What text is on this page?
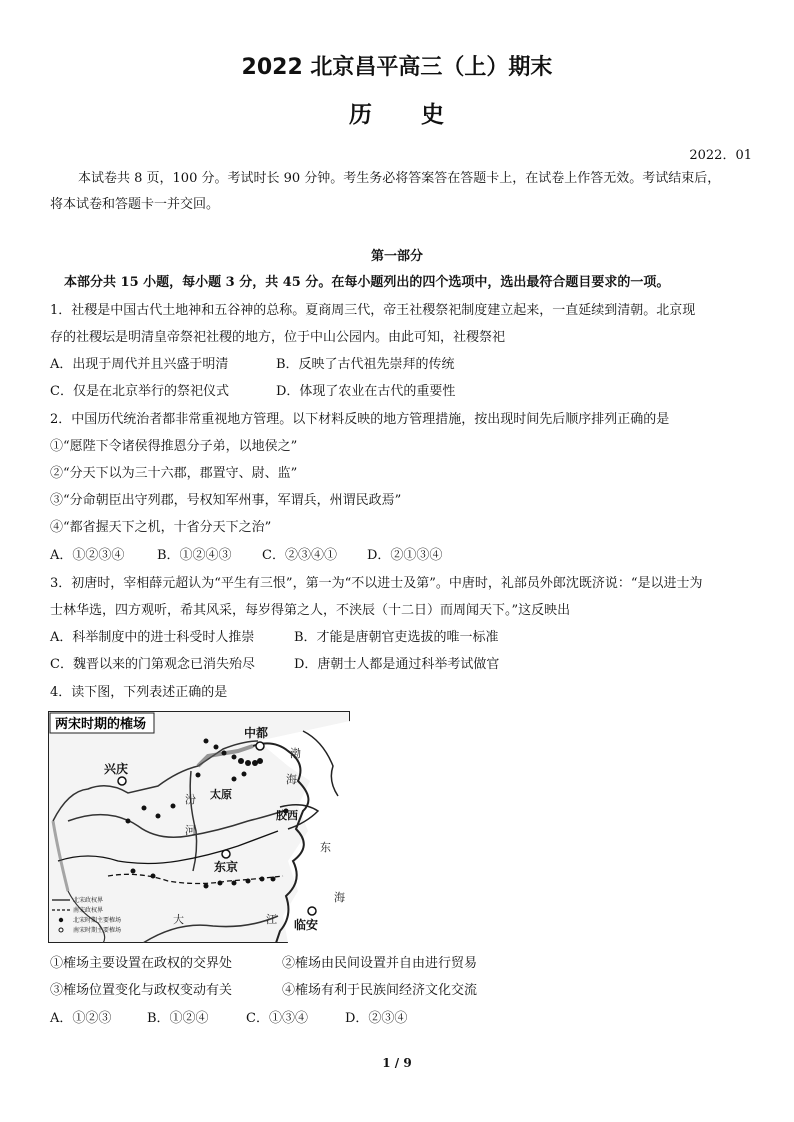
2022 北京昌平高三（上）期末
历　　史
2022．01
本试卷共 8 页，100 分。考试时长 90 分钟。考生务必将答案答在答题卡上，在试卷上作答无效。考试结束后，
将本试卷和答题卡一并交回。
第一部分
本部分共 15 小题，每小题 3 分，共 45 分。在每小题列出的四个选项中，选出最符合题目要求的一项。
1．社稷是中国古代土地神和五谷神的总称。夏商周三代，帝王社稷祭祀制度建立起来，一直延续到清朝。北京现
存的社稷坛是明清皇帝祭祀社稷的地方，位于中山公园内。由此可知，社稷祭祀
A．出现于周代并且兴盛于明清	B．反映了古代祖先崇拜的传统
C．仅是在北京举行的祭祀仪式	D．体现了农业在古代的重要性
2．中国历代统治者都非常重视地方管理。以下材料反映的地方管理措施，按出现时间先后顺序排列正确的是
①“愿陛下令诸侯得推恩分子弟，以地侯之”
②“分天下以为三十六郡，郡置守、尉、监”
③“分命朝臣出守列郡，号权知军州事，军谓兵，州谓民政焉”
④“都省握天下之机，十省分天下之治”
A．①②③④	B．①②④③ C．②③④① D．②①③④
3．初唐时，宰相薛元超认为“平生有三恨”，第一为“不以进士及第”。中唐时，礼部员外郎沈既济说：“是以进士为
士林华选，四方观听，希其风采，每岁得第之人，不浃辰（十二日）而周闻天下。”这反映出
A．科举制度中的进士科受时人推崇	B．才能是唐朝官吏选拔的唯一标准
C．魏晋以来的门第观念已消失殆尽	D．唐朝士人都是通过科举考试做官
4．读下图，下列表述正确的是
两宋时期的榷场
中都
兴庆
太原
胶西
东京
临安
渤
海
东
海
汾
河
大	江
北宋政权界
南宋政权界
北宋时期主要榷场
南宋时期主要榷场
①榷场主要设置在政权的交界处	②榷场由民间设置并自由进行贸易
③榷场位置变化与政权变动有关	④榷场有利于民族间经济文化交流
A．①②③	B．①②④	C．①③④	D．②③④
1 / 9
